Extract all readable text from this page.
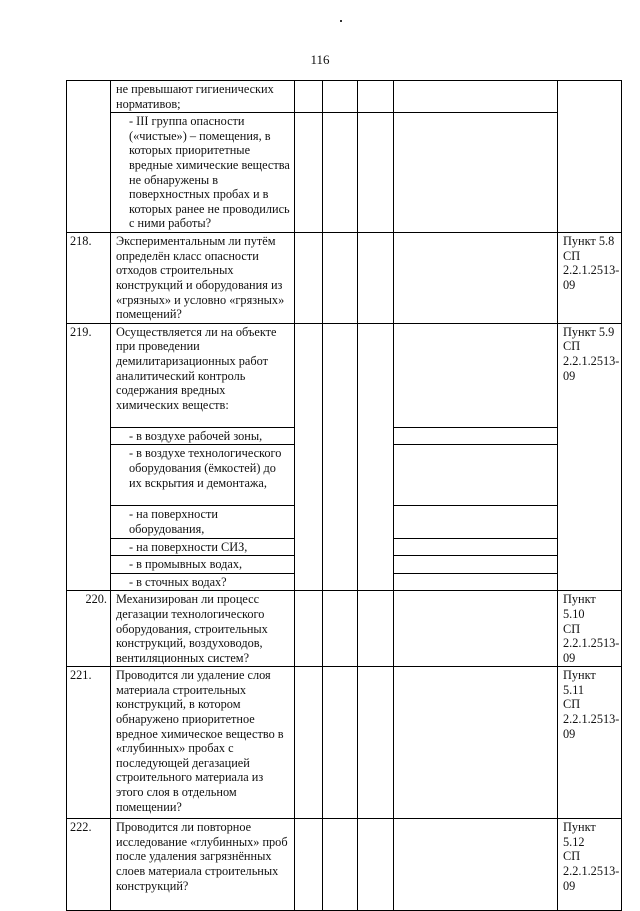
116
	не превышают гигиенических нормативов;					
	- III группа опасности («чистые») – помещения, в которых приоритетные вредные химические вещества не обнаружены в поверхностных пробах и в которых ранее не проводились с ними работы?					
218.	Экспериментальным ли путём определён класс опасности отходов строительных конструкций и оборудования из «грязных» и условно «грязных» помещений?					Пункт 5.8
СП 2.2.1.2513-09

219.	Осуществляется ли на объекте при проведении демилитаризационных работ аналитический контроль содержания вредных химических веществ:					Пункт 5.9
СП 2.2.1.2513-09

	- в воздухе рабочей зоны,					
	- в воздухе технологического оборудования (ёмкостей) до их вскрытия и демонтажа,					
	- на поверхности оборудования,					
	- на поверхности СИЗ,					
	- в промывных водах,					
	- в сточных водах?					
220.	Механизирован ли процесс дегазации технологического оборудования, строительных конструкций, воздуховодов, вентиляционных систем?					Пункт 5.10
СП 2.2.1.2513-09

221.	Проводится ли удаление слоя материала строительных конструкций, в котором обнаружено приоритетное вредное химическое вещество в «глубинных» пробах с последующей дегазацией строительного материала из этого слоя в отдельном помещении?					Пункт 5.11
СП 2.2.1.2513-09

222.	Проводится ли повторное исследование «глубинных» проб после удаления загрязнённых слоев материала строительных конструкций?					Пункт 5.12
СП 2.2.1.2513-09
